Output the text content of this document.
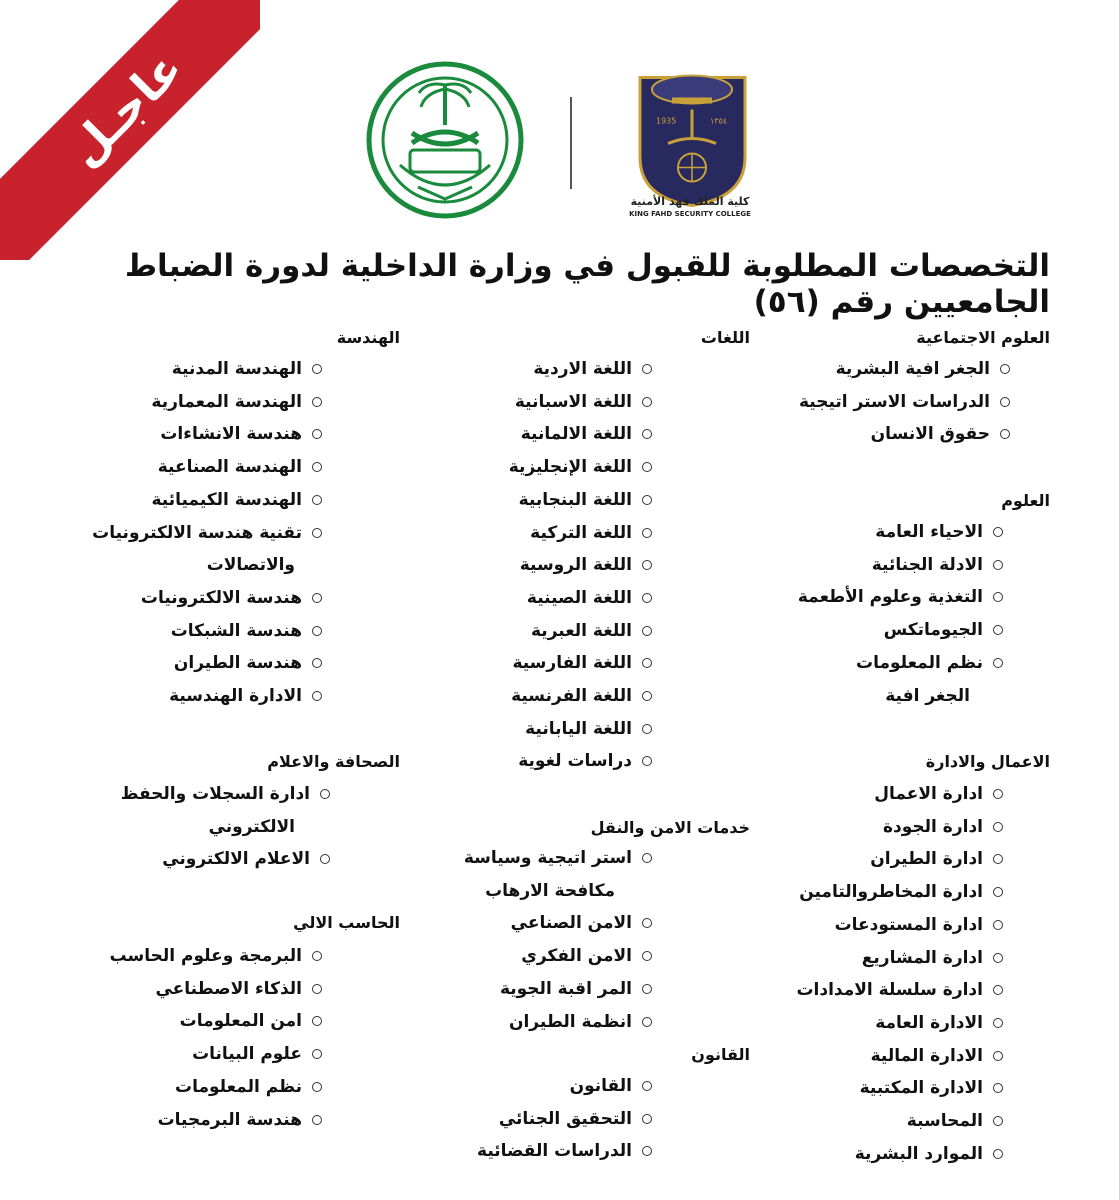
عاجـل	1935	١٣٥٤
كلية الملك فهد الأمنية
KING FAHD SECURITY COLLEGE
التخصصات المطلوبة للقبول في وزارة الداخلية لدورة الضباط الجامعيين رقم (٥٦)
العلوم الاجتماعية
الجغر افية البشرية
الدراسات الاستر اتيجية
حقوق الانسان
العلوم
الاحياء العامة
الادلة الجنائية
التغذية وعلوم الأطعمة
الجيوماتكس
نظم المعلومات
الجغر افية
الاعمال والادارة
ادارة الاعمال
ادارة الجودة
ادارة الطيران
ادارة المخاطروالتامين
ادارة المستودعات
ادارة المشاريع
ادارة سلسلة الامدادات
الادارة العامة
الادارة المالية
الادارة المكتبية
المحاسبة
الموارد البشرية
اللغات
اللغة الاردية
اللغة الاسبانية
اللغة الالمانية
اللغة الإنجليزية
اللغة البنجابية
اللغة التركية
اللغة الروسية
اللغة الصينية
اللغة العبرية
اللغة الفارسية
اللغة الفرنسية
اللغة اليابانية
دراسات لغوية
خدمات الامن والنقل
استر اتيجية وسياسة
مكافحة الارهاب
الامن الصناعي
الامن الفكري
المر اقبة الجوية
انظمة الطيران
القانون
القانون
التحقيق الجنائي
الدراسات القضائية
الهندسة
الهندسة المدنية
الهندسة المعمارية
هندسة الانشاءات
الهندسة الصناعية
الهندسة الكيميائية
تقنية هندسة الالكترونيات
والاتصالات
هندسة الالكترونيات
هندسة الشبكات
هندسة الطيران
الادارة الهندسية
الصحافة والاعلام
ادارة السجلات والحفظ
الالكتروني
الاعلام الالكتروني
الحاسب الالي
البرمجة وعلوم الحاسب
الذكاء الاصطناعي
امن المعلومات
علوم البيانات
نظم المعلومات
هندسة البرمجيات
